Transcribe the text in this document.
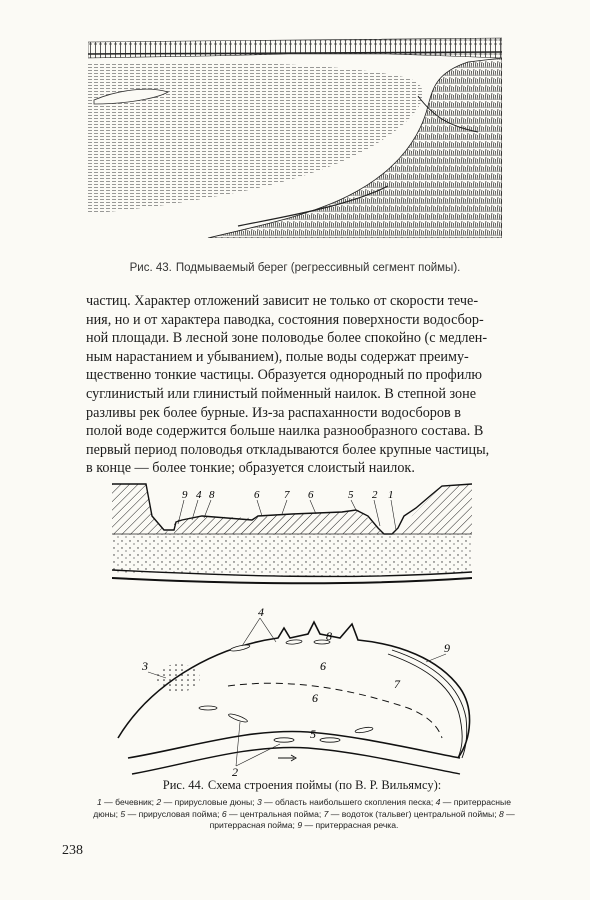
Рис. 43. Подмываемый берег (регрессивный сегмент поймы).

частиц. Характер отложений зависит не только от скорости тече-

ния, но и от характера паводка, состояния поверхности водосбор-

ной площади. В лесной зоне половодье более спокойно (с медлен-

ным нарастанием и убыванием), полые воды содержат преиму-

щественно тонкие частицы. Образуется однородный по профилю

суглинистый или глинистый пойменный наилок. В степной зоне

разливы рек более бурные. Из-за распаханности водосборов в

полой воде содержится больше наилка разнообразного состава. В

первый период половодья откладываются более крупные частицы,

в конце — более тонкие; образуется слоистый наилок.

9 4 8	6 7 6	5 2 1
4
8
9
3	6
6
7
5
2
Рис. 44. Схема строения поймы (по В. Р. Вильямсу):
1 — бечевник; 2 — прирусловые дюны; 3 — область наибольшего скопления песка; 4 — притеррасные дюны; 5 — прирусловая пойма; 6 — центральная пойма; 7 — водоток (тальвег) центральной поймы; 8 — притеррасная пойма; 9 — притеррасная речка.
238
